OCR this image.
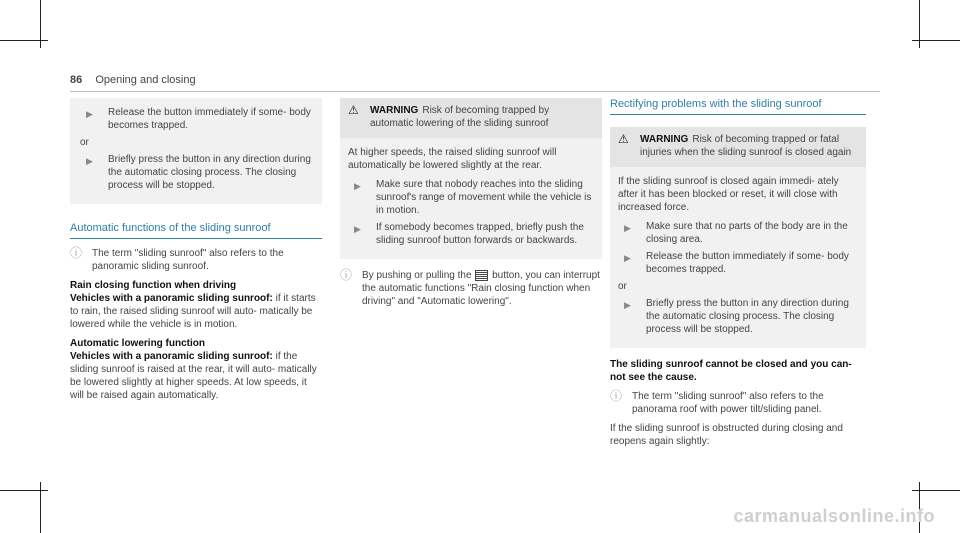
86 Opening and closing
▶	Release the button immediately if some‐ body becomes trapped.
or
▶	Briefly press the button in any direction during the automatic closing process. The closing process will be stopped.
Automatic functions of the sliding sunroof
ⓘ The term "sliding sunroof" also refers to the panoramic sliding sunroof.
Rain closing function when driving
Vehicles with a panoramic sliding sunroof: if it starts to rain, the raised sliding sunroof will auto‐ matically be lowered while the vehicle is in motion.
Automatic lowering function
Vehicles with a panoramic sliding sunroof: if the sliding sunroof is raised at the rear, it will auto‐ matically be lowered slightly at higher speeds. At low speeds, it will be raised again automatically.
⚠	WARNING Risk of becoming trapped by automatic lowering of the sliding sunroof
At higher speeds, the raised sliding sunroof will automatically be lowered slightly at the rear.
▶	Make sure that nobody reaches into the sliding sunroof's range of movement while the vehicle is in motion.
▶	If somebody becomes trapped, briefly push the sliding sunroof button forwards or backwards.
ⓘ By pushing or pulling the button, you can interrupt the automatic functions "Rain closing function when driving" and "Automatic lowering".
Rectifying problems with the sliding sunroof
⚠	WARNING Risk of becoming trapped or fatal injuries when the sliding sunroof is closed again
If the sliding sunroof is closed again immedi‐ ately after it has been blocked or reset, it will close with increased force.
▶	Make sure that no parts of the body are in the closing area.
▶	Release the button immediately if some‐ body becomes trapped.
or
▶	Briefly press the button in any direction during the automatic closing process. The closing process will be stopped.
The sliding sunroof cannot be closed and you can‐ not see the cause.
ⓘ The term "sliding sunroof" also refers to the panorama roof with power tilt/sliding panel.
If the sliding sunroof is obstructed during closing and reopens again slightly:
carmanualsonline.info
